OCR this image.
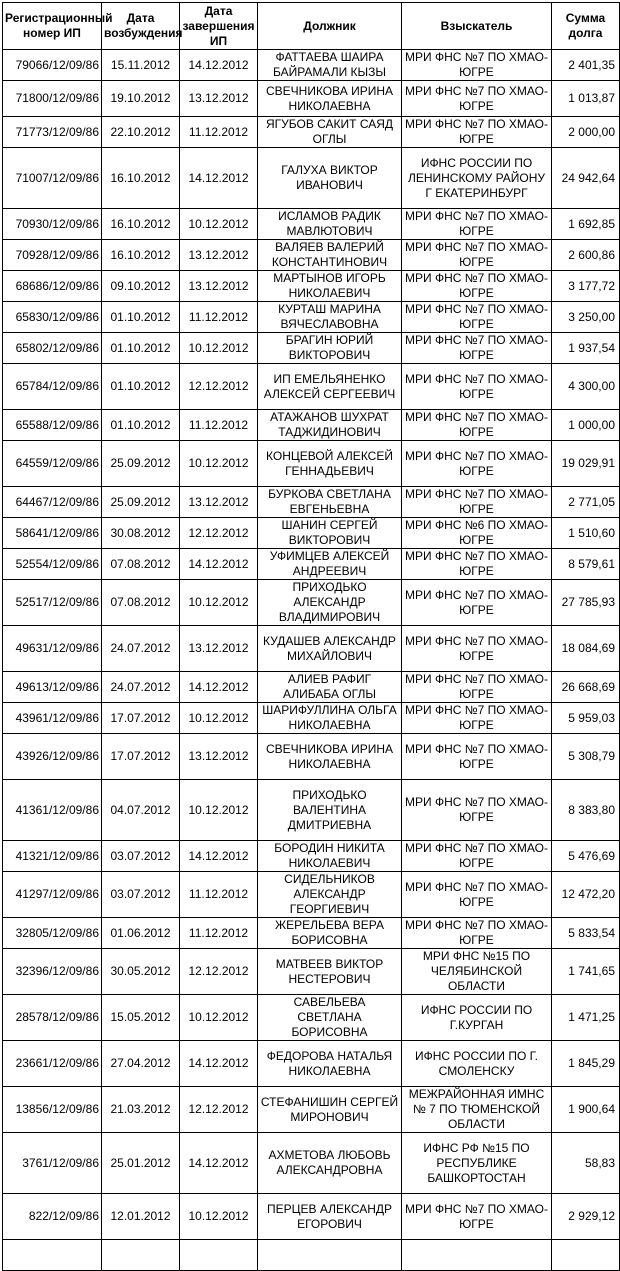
Регистрационный номер ИП	Дата возбуждения	Дата завершения ИП	Должник	Взыскатель	Сумма долга
79066/12/09/86	15.11.2012	14.12.2012	ФАТТАЕВА ШАИРА БАЙРАМАЛИ КЫЗЫ	МРИ ФНС №7 ПО ХМАО-ЮГРЕ	2 401,35
71800/12/09/86	19.10.2012	13.12.2012	СВЕЧНИКОВА ИРИНА НИКОЛАЕВНА	МРИ ФНС №7 ПО ХМАО-ЮГРЕ	1 013,87
71773/12/09/86	22.10.2012	11.12.2012	ЯГУБОВ САКИТ САЯД ОГЛЫ	МРИ ФНС №7 ПО ХМАО-ЮГРЕ	2 000,00
71007/12/09/86	16.10.2012	14.12.2012	ГАЛУХА ВИКТОР ИВАНОВИЧ	ИФНС РОССИИ ПО ЛЕНИНСКОМУ РАЙОНУ Г ЕКАТЕРИНБУРГ	24 942,64
70930/12/09/86	16.10.2012	10.12.2012	ИСЛАМОВ РАДИК МАВЛЮТОВИЧ	МРИ ФНС №7 ПО ХМАО-ЮГРЕ	1 692,85
70928/12/09/86	16.10.2012	13.12.2012	ВАЛЯЕВ ВАЛЕРИЙ КОНСТАНТИНОВИЧ	МРИ ФНС №7 ПО ХМАО-ЮГРЕ	2 600,86
68686/12/09/86	09.10.2012	13.12.2012	МАРТЫНОВ ИГОРЬ НИКОЛАЕВИЧ	МРИ ФНС №7 ПО ХМАО-ЮГРЕ	3 177,72
65830/12/09/86	01.10.2012	11.12.2012	КУРТАШ МАРИНА ВЯЧЕСЛАВОВНА	МРИ ФНС №7 ПО ХМАО-ЮГРЕ	3 250,00
65802/12/09/86	01.10.2012	10.12.2012	БРАГИН ЮРИЙ ВИКТОРОВИЧ	МРИ ФНС №7 ПО ХМАО-ЮГРЕ	1 937,54
65784/12/09/86	01.10.2012	12.12.2012	ИП ЕМЕЛЬЯНЕНКО АЛЕКСЕЙ СЕРГЕЕВИЧ	МРИ ФНС №7 ПО ХМАО-ЮГРЕ	4 300,00
65588/12/09/86	01.10.2012	11.12.2012	АТАЖАНОВ ШУХРАТ ТАДЖИДИНОВИЧ	МРИ ФНС №7 ПО ХМАО-ЮГРЕ	1 000,00
64559/12/09/86	25.09.2012	10.12.2012	КОНЦЕВОЙ АЛЕКСЕЙ ГЕННАДЬЕВИЧ	МРИ ФНС №7 ПО ХМАО-ЮГРЕ	19 029,91
64467/12/09/86	25.09.2012	13.12.2012	БУРКОВА СВЕТЛАНА ЕВГЕНЬЕВНА	МРИ ФНС №7 ПО ХМАО-ЮГРЕ	2 771,05
58641/12/09/86	30.08.2012	12.12.2012	ШАНИН СЕРГЕЙ ВИКТОРОВИЧ	МРИ ФНС №6 ПО ХМАО-ЮГРЕ	1 510,60
52554/12/09/86	07.08.2012	14.12.2012	УФИМЦЕВ АЛЕКСЕЙ АНДРЕЕВИЧ	МРИ ФНС №7 ПО ХМАО-ЮГРЕ	8 579,61
52517/12/09/86	07.08.2012	10.12.2012	ПРИХОДЬКО АЛЕКСАНДР ВЛАДИМИРОВИЧ	МРИ ФНС №7 ПО ХМАО-ЮГРЕ	27 785,93
49631/12/09/86	24.07.2012	13.12.2012	КУДАШЕВ АЛЕКСАНДР МИХАЙЛОВИЧ	МРИ ФНС №7 ПО ХМАО-ЮГРЕ	18 084,69
49613/12/09/86	24.07.2012	14.12.2012	АЛИЕВ РАФИГ АЛИБАБА ОГЛЫ	МРИ ФНС №7 ПО ХМАО-ЮГРЕ	26 668,69
43961/12/09/86	17.07.2012	10.12.2012	ШАРИФУЛЛИНА ОЛЬГА НИКОЛАЕВНА	МРИ ФНС №7 ПО ХМАО-ЮГРЕ	5 959,03
43926/12/09/86	17.07.2012	13.12.2012	СВЕЧНИКОВА ИРИНА НИКОЛАЕВНА	МРИ ФНС №7 ПО ХМАО-ЮГРЕ	5 308,79
41361/12/09/86	04.07.2012	10.12.2012	ПРИХОДЬКО ВАЛЕНТИНА ДМИТРИЕВНА	МРИ ФНС №7 ПО ХМАО-ЮГРЕ	8 383,80
41321/12/09/86	03.07.2012	14.12.2012	БОРОДИН НИКИТА НИКОЛАЕВИЧ	МРИ ФНС №7 ПО ХМАО-ЮГРЕ	5 476,69
41297/12/09/86	03.07.2012	11.12.2012	СИДЕЛЬНИКОВ АЛЕКСАНДР ГЕОРГИЕВИЧ	МРИ ФНС №7 ПО ХМАО-ЮГРЕ	12 472,20
32805/12/09/86	01.06.2012	11.12.2012	ЖЕРЕЛЬЕВА ВЕРА БОРИСОВНА	МРИ ФНС №7 ПО ХМАО-ЮГРЕ	5 833,54
32396/12/09/86	30.05.2012	12.12.2012	МАТВЕЕВ ВИКТОР НЕСТЕРОВИЧ	МРИ ФНС №15 ПО ЧЕЛЯБИНСКОЙ ОБЛАСТИ	1 741,65
28578/12/09/86	15.05.2012	10.12.2012	САВЕЛЬЕВА СВЕТЛАНА БОРИСОВНА	ИФНС РОССИИ ПО Г.КУРГАН	1 471,25
23661/12/09/86	27.04.2012	14.12.2012	ФЕДОРОВА НАТАЛЬЯ НИКОЛАЕВНА	ИФНС РОССИИ ПО Г. СМОЛЕНСКУ	1 845,29
13856/12/09/86	21.03.2012	12.12.2012	СТЕФАНИШИН СЕРГЕЙ МИРОНОВИЧ	МЕЖРАЙОННАЯ ИМНС № 7 ПО ТЮМЕНСКОЙ ОБЛАСТИ	1 900,64
3761/12/09/86	25.01.2012	14.12.2012	АХМЕТОВА ЛЮБОВЬ АЛЕКСАНДРОВНА	ИФНС РФ №15 ПО РЕСПУБЛИКЕ БАШКОРТОСТАН	58,83
822/12/09/86	12.01.2012	10.12.2012	ПЕРЦЕВ АЛЕКСАНДР ЕГОРОВИЧ	МРИ ФНС №7 ПО ХМАО-ЮГРЕ	2 929,12
